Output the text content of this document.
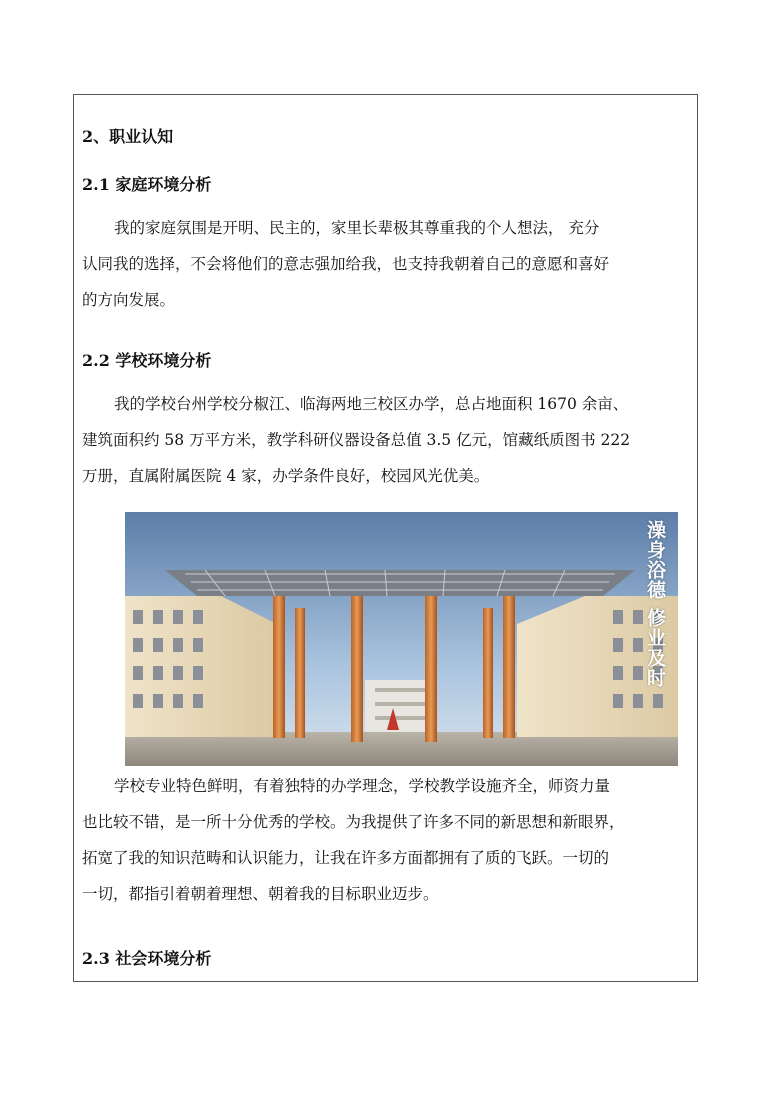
2、职业认知
2.1 家庭环境分析
我的家庭氛围是开明、民主的，家里长辈极其尊重我的个人想法， 充分
认同我的选择，不会将他们的意志强加给我，也支持我朝着自己的意愿和喜好
的方向发展。
2.2 学校环境分析
我的学校台州学校分椒江、临海两地三校区办学，总占地面积 1670 余亩、
建筑面积约 58 万平方米，教学科研仪器设备总值 3.5 亿元，馆藏纸质图书 222
万册，直属附属医院 4 家，办学条件良好，校园风光优美。
澡身浴德 修业及时
学校专业特色鲜明，有着独特的办学理念，学校教学设施齐全，师资力量
也比较不错，是一所十分优秀的学校。为我提供了许多不同的新思想和新眼界，
拓宽了我的知识范畴和认识能力，让我在许多方面都拥有了质的飞跃。一切的
一切，都指引着朝着理想、朝着我的目标职业迈步。
2.3 社会环境分析
